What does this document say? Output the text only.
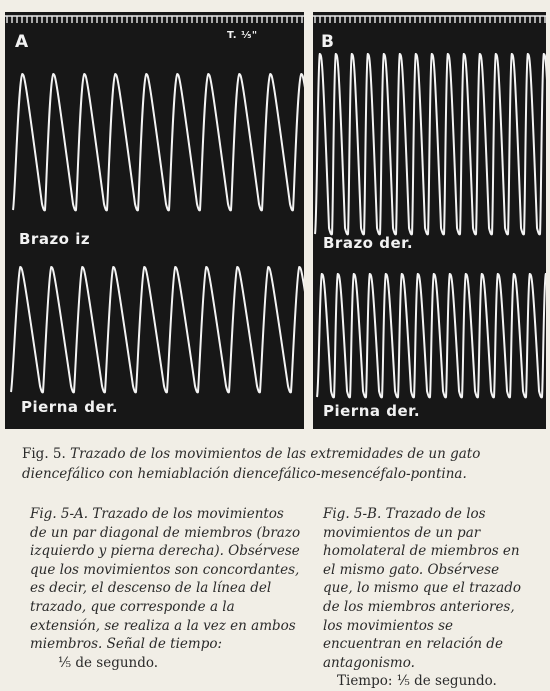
A	T. ⅕"
Brazo iz
Pierna der.
B
Brazo der.
Pierna der.
Fig. 5. Trazado de los movimientos de las extremidades de un gato diencefálico con hemiablación diencefálico-mesencéfalo-pontina.
Fig. 5-A. Trazado de los movimientos de un par diagonal de miembros (brazo izquierdo y pierna derecha). Obsérvese que los movimientos son concordantes, es decir, el descenso de la línea del trazado, que corresponde a la extensión, se realiza a la vez en ambos miembros. Señal de tiempo:
⅕ de segundo.
Fig. 5-B. Trazado de los movimientos de un par homolateral de miembros en el mismo gato. Obsérvese que, lo mismo que el trazado de los miembros anteriores, los movimientos se encuentran en relación de antagonismo.
Tiempo: ⅕ de segundo.
